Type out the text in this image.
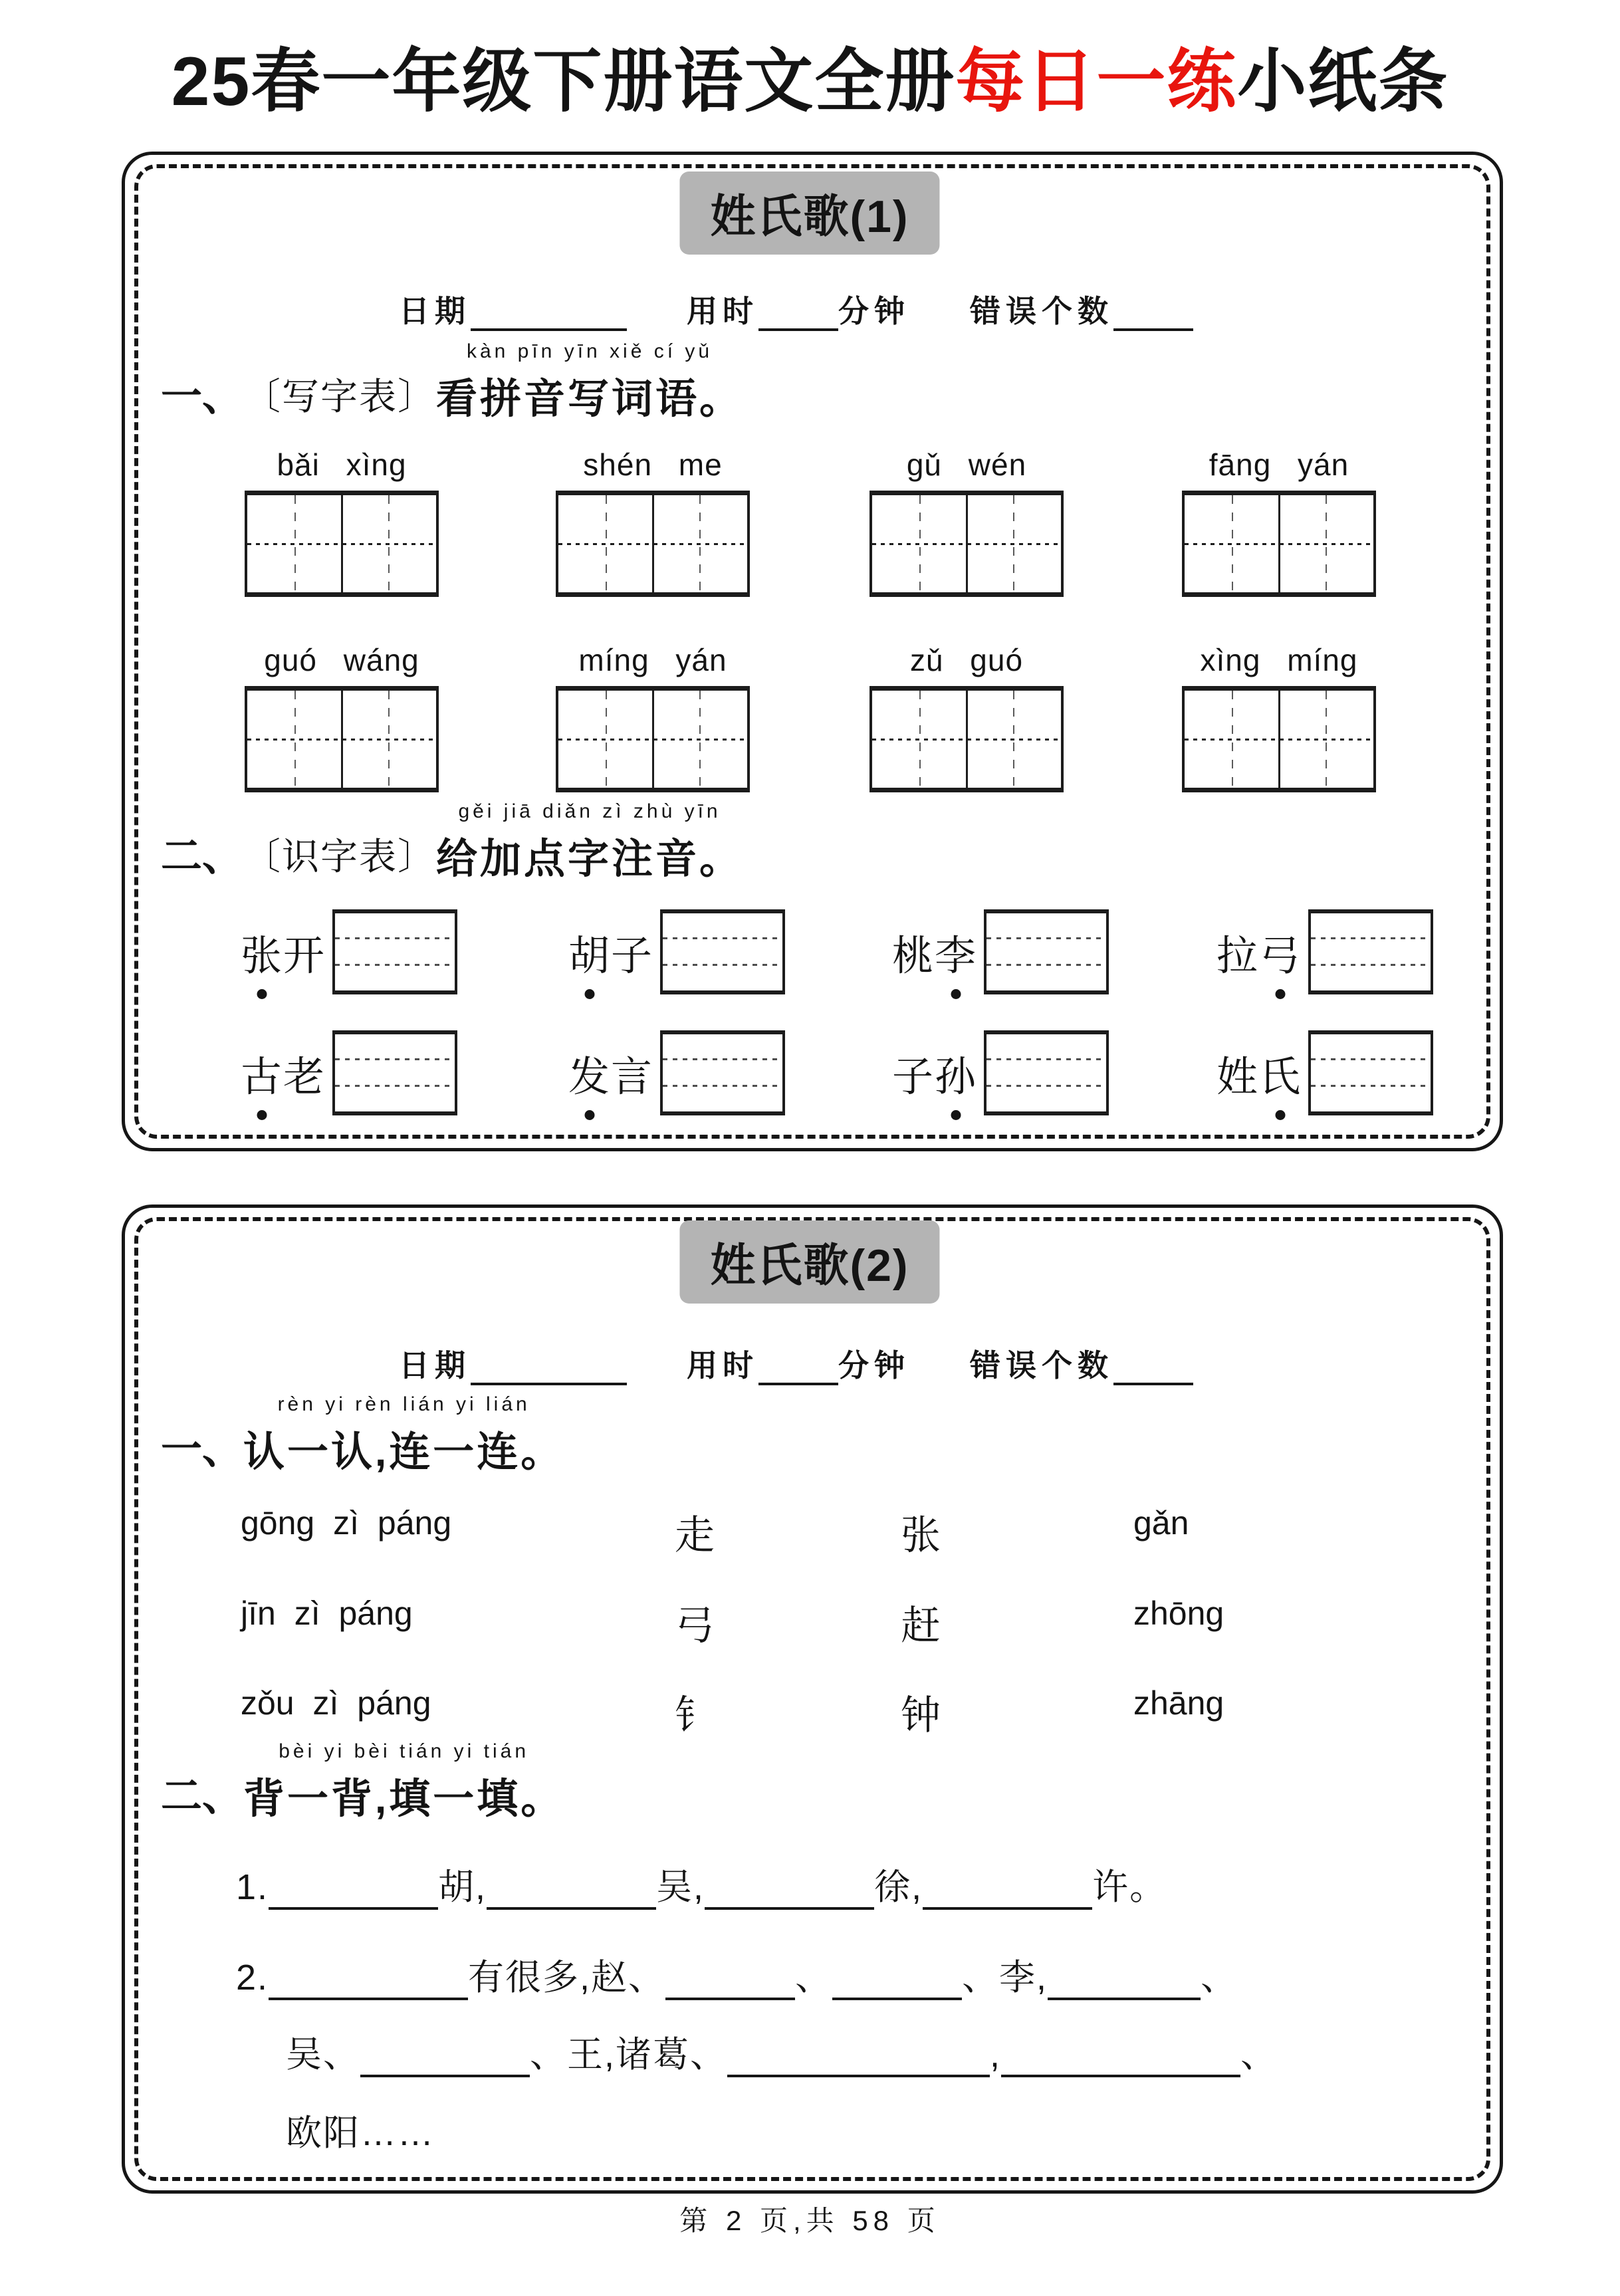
25春一年级下册语文全册每日一练小纸条
姓氏歌(1)
日期	用时	分钟 错误个数
一、 〔写字表〕
kàn pīn yīn xiě cí yǔ
看拼音写词语。
bǎi xìng	shén me	gǔ wén	fāng yán
guó wáng	míng yán	zǔ guó	xìng míng
二、 〔识字表〕
gěi jiā diǎn zì zhù yīn
给加点字注音。
张 开	胡 子	桃 李	拉 弓
古 老	发 言	子 孙	姓 氏
姓氏歌(2)
日期	用时	分钟 错误个数
一、
rèn yi rèn lián yi lián
认一认,连一连。
gōng zì páng	走	张	gǎn
jīn zì páng	弓	赶	zhōng
zǒu zì páng	钅	钟	zhāng
二、
bèi yi bèi tián yi tián
背一背,填一填。
1.	胡,	吴,	徐,	许。
2.	有很多,赵、	、	、李,	、
吴、	、王,诸葛、	,	、
欧阳……
第 2 页,共 58 页
